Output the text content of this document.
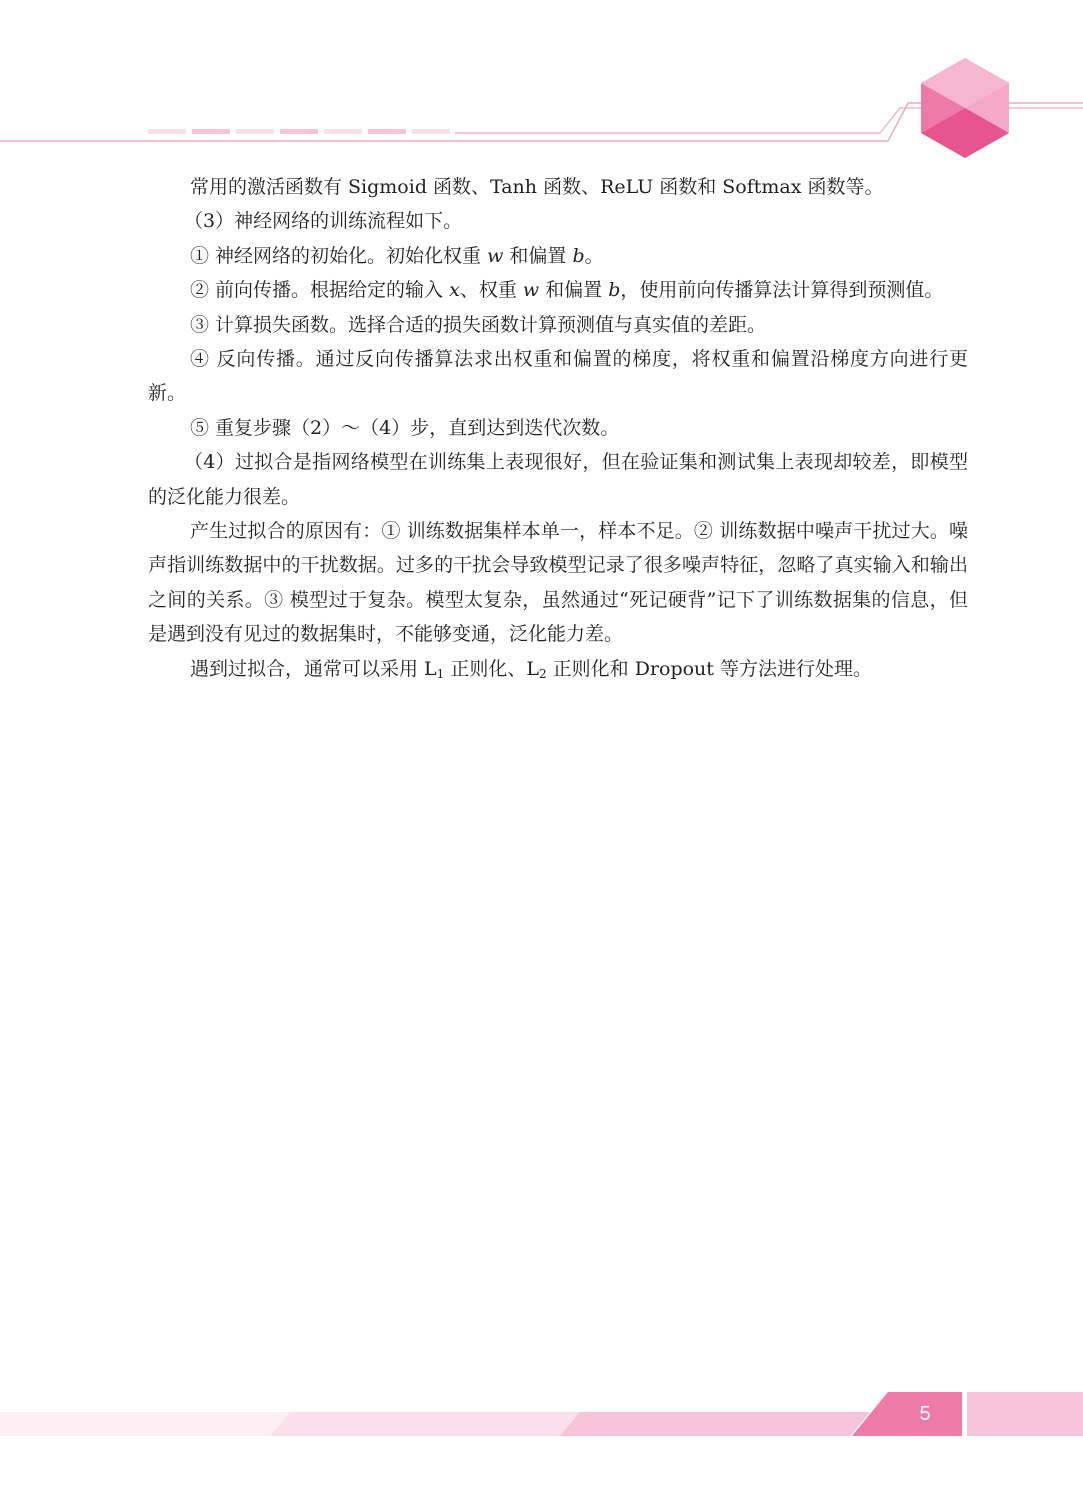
常用的激活函数有 Sigmoid 函数、Tanh 函数、ReLU 函数和 Softmax 函数等。

（3）神经网络的训练流程如下。

① 神经网络的初始化。初始化权重 w 和偏置 b。

② 前向传播。根据给定的输入 x、权重 w 和偏置 b，使用前向传播算法计算得到预测值。

③ 计算损失函数。选择合适的损失函数计算预测值与真实值的差距。

④ 反向传播。通过反向传播算法求出权重和偏置的梯度，将权重和偏置沿梯度方向进行更新。

⑤ 重复步骤（2）～（4）步，直到达到迭代次数。

（4）过拟合是指网络模型在训练集上表现很好，但在验证集和测试集上表现却较差，即模型的泛化能力很差。

产生过拟合的原因有：① 训练数据集样本单一，样本不足。② 训练数据中噪声干扰过大。噪声指训练数据中的干扰数据。过多的干扰会导致模型记录了很多噪声特征，忽略了真实输入和输出之间的关系。③ 模型过于复杂。模型太复杂，虽然通过“死记硬背”记下了训练数据集的信息，但是遇到没有见过的数据集时，不能够变通，泛化能力差。

遇到过拟合，通常可以采用 $L_1$ 正则化、$L_2$ 正则化和 Dropout 等方法进行处理。

5
